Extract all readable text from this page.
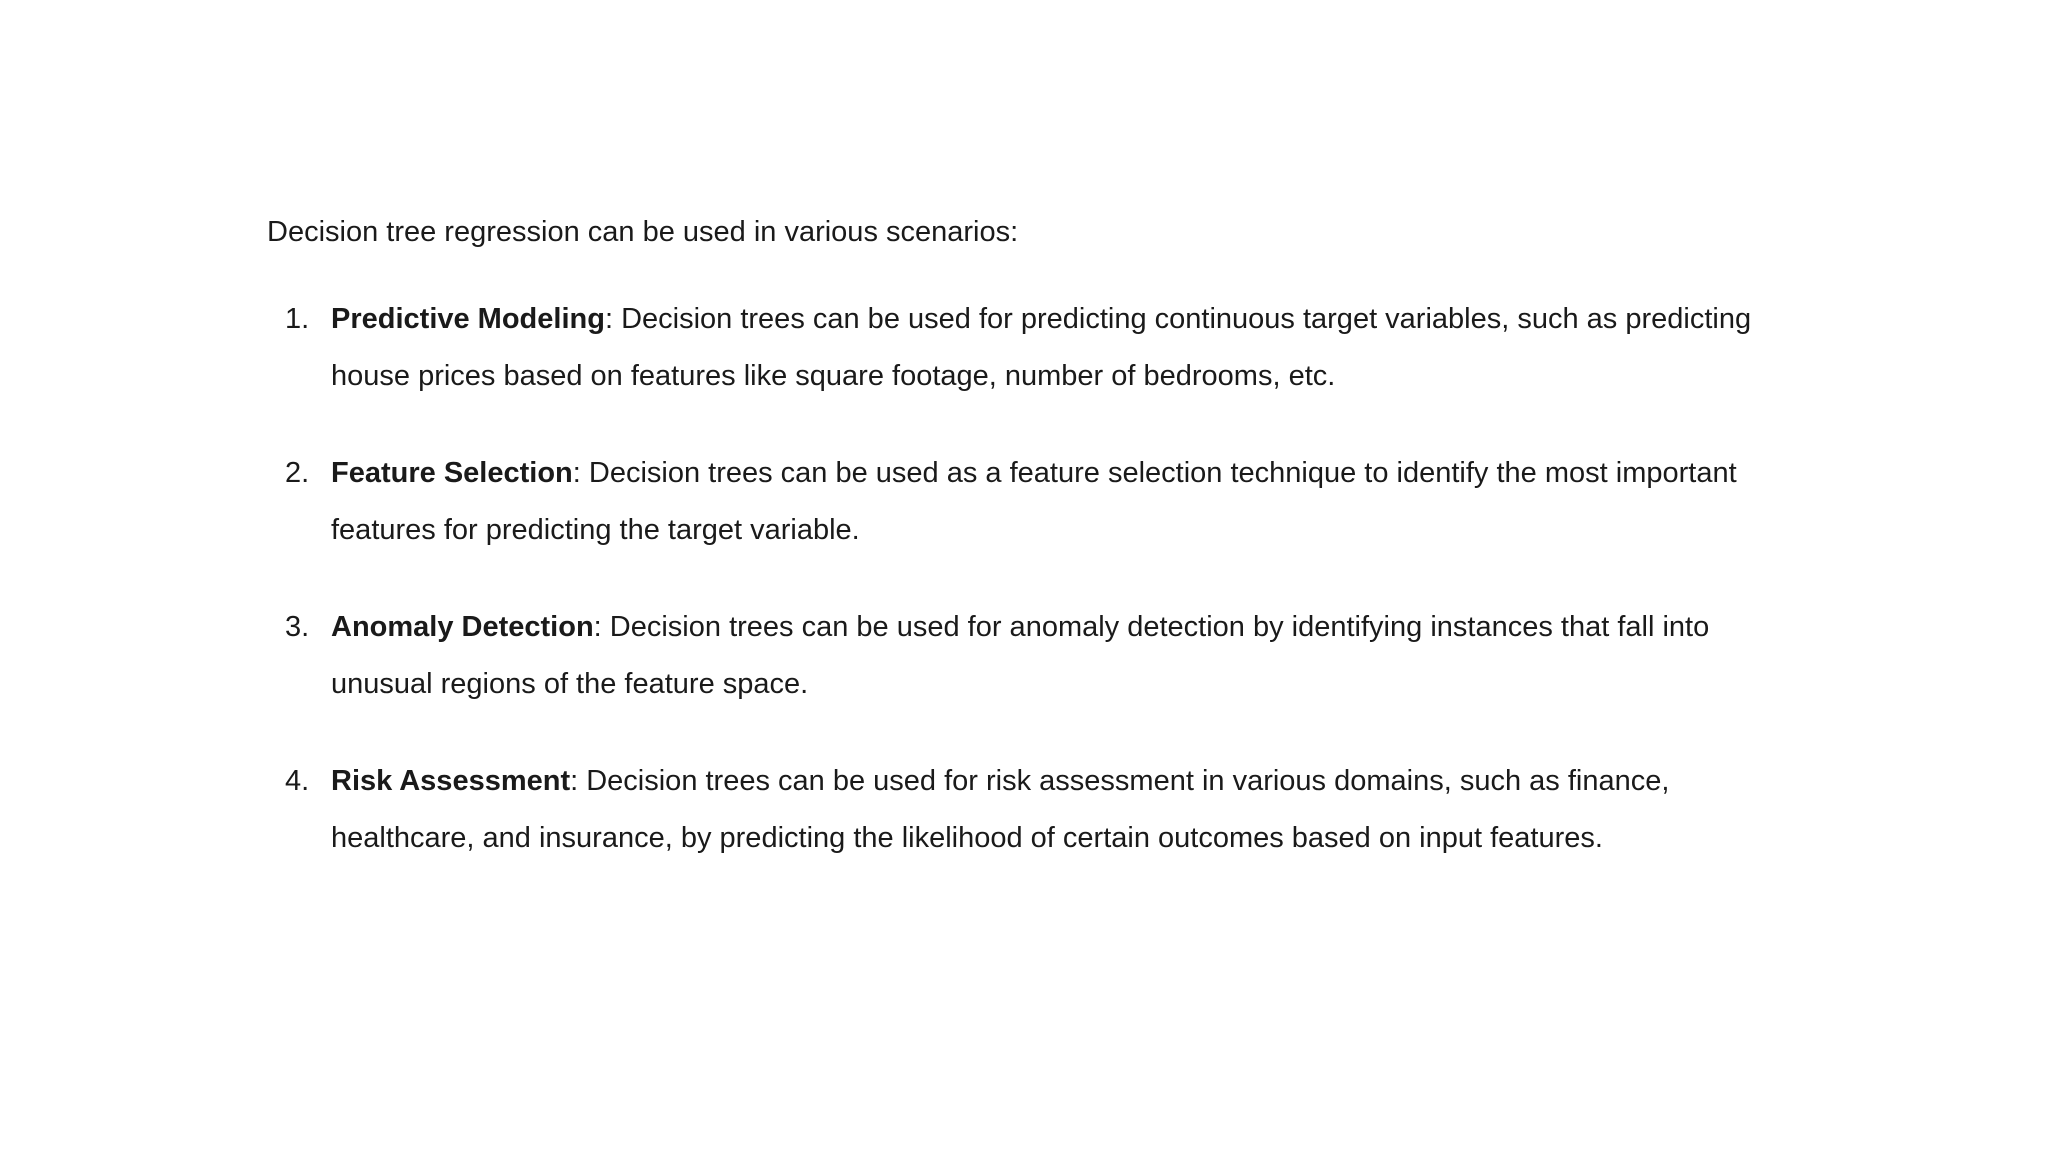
Decision tree regression can be used in various scenarios:

1. Predictive Modeling: Decision trees can be used for predicting continuous target variables, such as predicting house prices based on features like square footage, number of bedrooms, etc.
2. Feature Selection: Decision trees can be used as a feature selection technique to identify the most important features for predicting the target variable.
3. Anomaly Detection: Decision trees can be used for anomaly detection by identifying instances that fall into unusual regions of the feature space.
4. Risk Assessment: Decision trees can be used for risk assessment in various domains, such as finance, healthcare, and insurance, by predicting the likelihood of certain outcomes based on input features.
